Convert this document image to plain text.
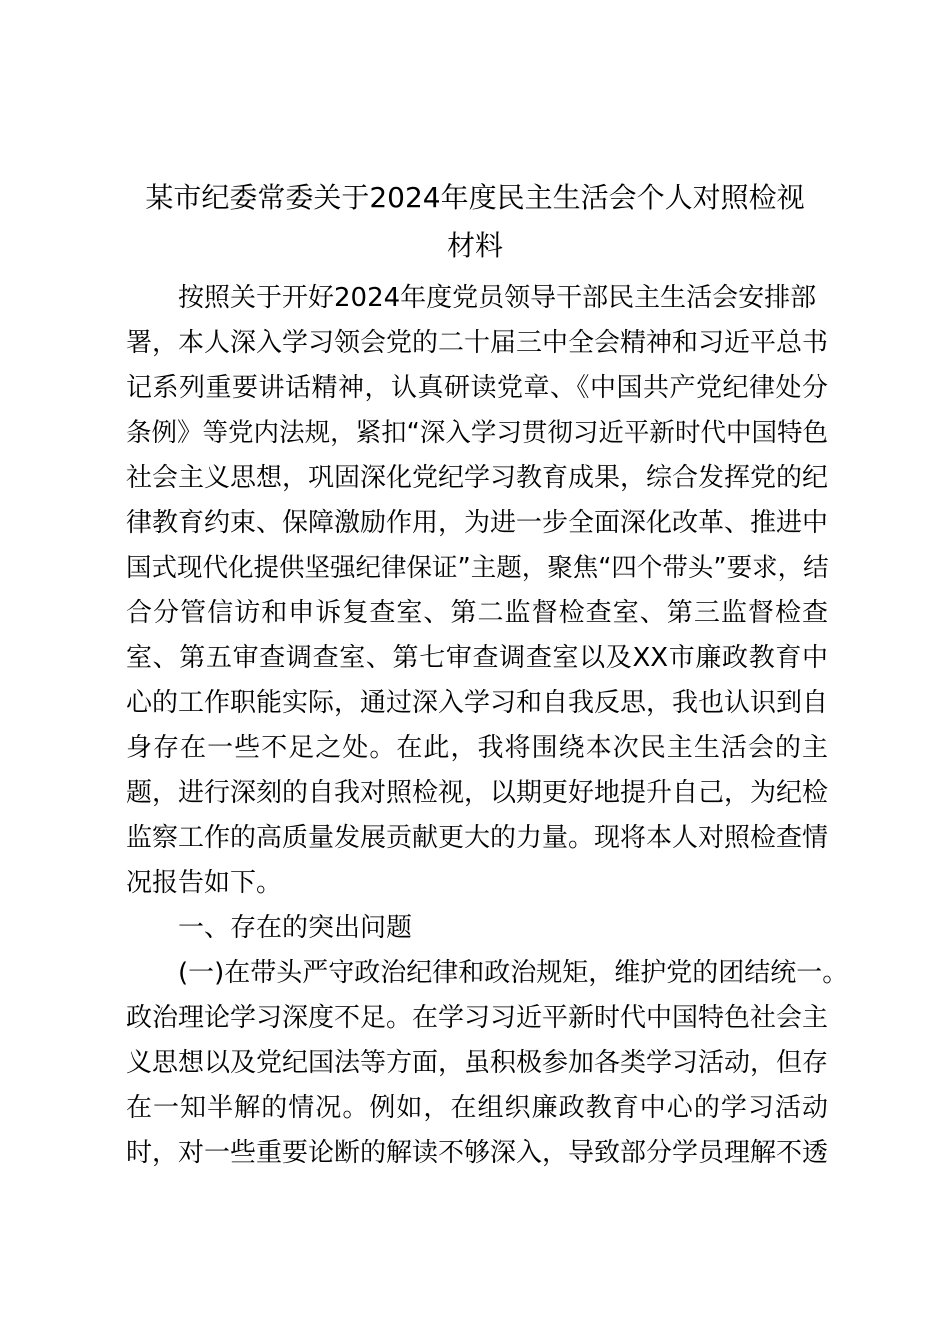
某市纪委常委关于2024年度民主生活会个人对照检视
材料

按照关于开好2024年度党员领导干部民主生活会安排部

署，本人深入学习领会党的二十届三中全会精神和习近平总书

记系列重要讲话精神，认真研读党章、《中国共产党纪律处分

条例》等党内法规，紧扣“深入学习贯彻习近平新时代中国特色

社会主义思想，巩固深化党纪学习教育成果，综合发挥党的纪

律教育约束、保障激励作用，为进一步全面深化改革、推进中

国式现代化提供坚强纪律保证”主题，聚焦“四个带头”要求，结

合分管信访和申诉复查室、第二监督检查室、第三监督检查

室、第五审查调查室、第七审查调查室以及XX市廉政教育中

心的工作职能实际，通过深入学习和自我反思，我也认识到自

身存在一些不足之处。在此，我将围绕本次民主生活会的主

题，进行深刻的自我对照检视，以期更好地提升自己，为纪检

监察工作的高质量发展贡献更大的力量。现将本人对照检查情

况报告如下。

一、存在的突出问题

(一)在带头严守政治纪律和政治规矩，维护党的团结统一。

政治理论学习深度不足。在学习习近平新时代中国特色社会主

义思想以及党纪国法等方面，虽积极参加各类学习活动，但存

在一知半解的情况。例如，在组织廉政教育中心的学习活动

时，对一些重要论断的解读不够深入，导致部分学员理解不透
